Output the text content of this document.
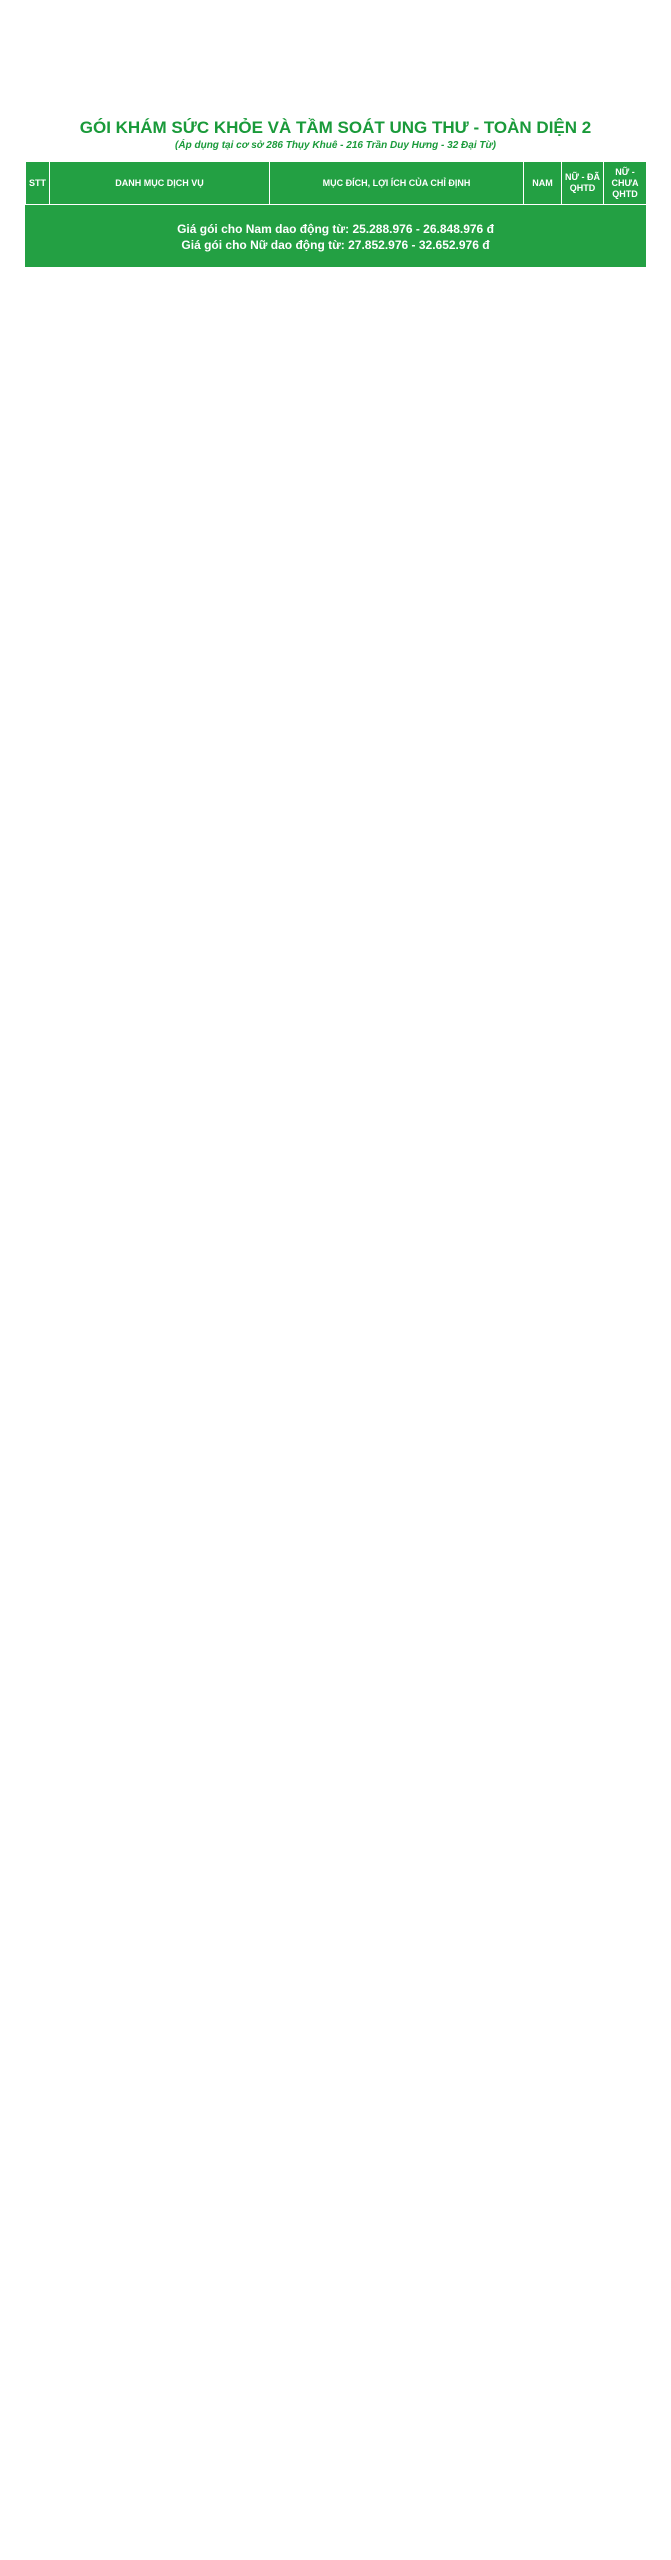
GÓI KHÁM SỨC KHỎE VÀ TẦM SOÁT UNG THƯ - TOÀN DIỆN 2
(Áp dụng tại cơ sở 286 Thụy Khuê - 216 Trần Duy Hưng - 32 Đại Từ)
STT	DANH MỤC DỊCH VỤ	MỤC ĐÍCH, LỢI ÍCH CỦA CHỈ ĐỊNH	NAM	NỮ - ĐÃ QHTD	NỮ - CHƯA QHTD
Giá gói cho Nam dao động từ: 25.288.976 - 26.848.976 đ
Giá gói cho Nữ dao động từ: 27.852.976 - 32.652.976 đ
